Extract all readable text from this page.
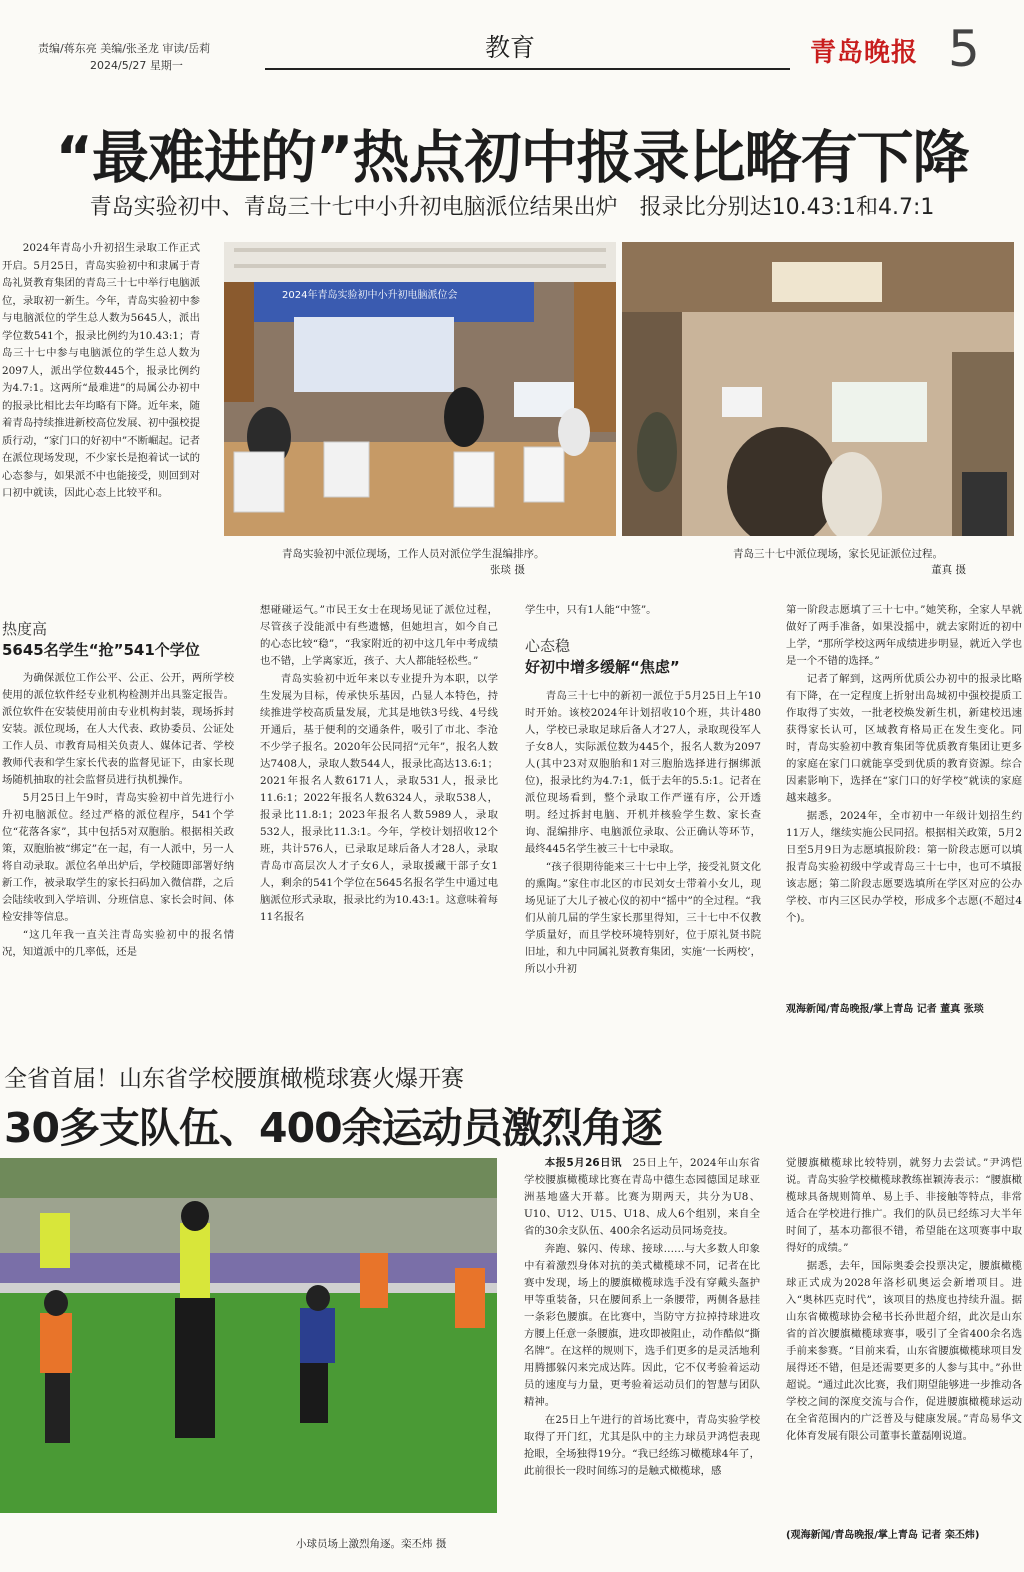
责编/蒋东亮 美编/张圣龙 审读/岳莉
2024/5/27 星期一
教育	青岛晚报 5
“最难进的”热点初中报录比略有下降
青岛实验初中、青岛三十七中小升初电脑派位结果出炉　报录比分别达10.43:1和4.7:1

2024年青岛小升初招生录取工作正式开启。5月25日，青岛实验初中和隶属于青岛礼贤教育集团的青岛三十七中举行电脑派位，录取初一新生。今年，青岛实验初中参与电脑派位的学生总人数为5645人，派出学位数541个，报录比例约为10.43:1；青岛三十七中参与电脑派位的学生总人数为2097人，派出学位数445个，报录比例约为4.7:1。这两所“最难进”的局属公办初中的报录比相比去年均略有下降。近年来，随着青岛持续推进新校高位发展、初中强校提质行动，“家门口的好初中”不断崛起。记者在派位现场发现，不少家长是抱着试一试的心态参与，如果派不中也能接受，则回到对口初中就读，因此心态上比较平和。

2024年青岛实验初中小升初电脑派位会
青岛实验初中派位现场，工作人员对派位学生混编排序。
张琰 摄
青岛三十七中派位现场，家长见证派位过程。
董真 摄
热度高
5645名学生“抢”541个学位

为确保派位工作公平、公正、公开，两所学校使用的派位软件经专业机构检测并出具鉴定报告。派位软件在安装使用前由专业机构封装，现场拆封安装。派位现场，在人大代表、政协委员、公证处工作人员、市教育局相关负责人、媒体记者、学校教师代表和学生家长代表的监督见证下，由家长现场随机抽取的社会监督员进行执机操作。

5月25日上午9时，青岛实验初中首先进行小升初电脑派位。经过严格的派位程序，541个学位“花落各家”，其中包括5对双胞胎。根据相关政策，双胞胎被“绑定”在一起，有一人派中，另一人将自动录取。派位名单出炉后，学校随即部署好纳新工作，被录取学生的家长扫码加入微信群，之后会陆续收到入学培训、分班信息、家长会时间、体检安排等信息。

“这几年我一直关注青岛实验初中的报名情况，知道派中的几率低，还是

想碰碰运气。”市民王女士在现场见证了派位过程，尽管孩子没能派中有些遗憾，但她坦言，如今自己的心态比较“稳”，“我家附近的初中这几年中考成绩也不错，上学离家近，孩子、大人都能轻松些。”

青岛实验初中近年来以专业提升为本职，以学生发展为目标，传承快乐基因，凸显人本特色，持续推进学校高质量发展，尤其是地铁3号线、4号线开通后，基于便利的交通条件，吸引了市北、李沧不少学子报名。2020年公民同招“元年”，报名人数达7408人，录取人数544人，报录比高达13.6:1；2021年报名人数6171人，录取531人，报录比11.6:1；2022年报名人数6324人，录取538人，报录比11.8:1；2023年报名人数5989人，录取532人，报录比11.3:1。今年，学校计划招收12个班，共计576人，已录取足球后备人才28人，录取青岛市高层次人才子女6人，录取援藏干部子女1人，剩余的541个学位在5645名报名学生中通过电脑派位形式录取，报录比约为10.43:1。这意味着每11名报名

学生中，只有1人能“中签”。

心态稳
好初中增多缓解“焦虑”

青岛三十七中的新初一派位于5月25日上午10时开始。该校2024年计划招收10个班，共计480人，学校已录取足球后备人才27人，录取现役军人子女8人，实际派位数为445个，报名人数为2097人(其中23对双胞胎和1对三胞胎选择进行捆绑派位)，报录比约为4.7:1，低于去年的5.5:1。记者在派位现场看到，整个录取工作严谨有序，公开透明。经过拆封电脑、开机并核验学生数、家长查询、混编排序、电脑派位录取、公正确认等环节，最终445名学生被三十七中录取。

“孩子很期待能来三十七中上学，接受礼贤文化的熏陶。”家住市北区的市民刘女士带着小女儿，现场见证了大儿子被心仪的初中“摇中”的全过程。“我们从前几届的学生家长那里得知，三十七中不仅教学质量好，而且学校环境特别好，位于原礼贤书院旧址，和九中同属礼贤教育集团，实施‘一长两校’，所以小升初

第一阶段志愿填了三十七中。”她笑称，全家人早就做好了两手准备，如果没摇中，就去家附近的初中上学，“那所学校这两年成绩进步明显，就近入学也是一个不错的选择。”

记者了解到，这两所优质公办初中的报录比略有下降，在一定程度上折射出岛城初中强校提质工作取得了实效，一批老校焕发新生机，新建校迅速获得家长认可，区域教育格局正在发生变化。同时，青岛实验初中教育集团等优质教育集团让更多的家庭在家门口就能享受到优质的教育资源。综合因素影响下，选择在“家门口的好学校”就读的家庭越来越多。

据悉，2024年，全市初中一年级计划招生约11万人，继续实施公民同招。根据相关政策，5月2日至5月9日为志愿填报阶段：第一阶段志愿可以填报青岛实验初级中学或青岛三十七中，也可不填报该志愿；第二阶段志愿要选填所在学区对应的公办学校、市内三区民办学校，形成多个志愿(不超过4个)。

观海新闻/青岛晚报/掌上青岛 记者 董真 张琰
全省首届！山东省学校腰旗橄榄球赛火爆开赛
30多支队伍、400余运动员激烈角逐
小球员场上激烈角逐。栾丕炜 摄

本报5月26日讯　 25日上午，2024年山东省学校腰旗橄榄球比赛在青岛中德生态园德国足球亚洲基地盛大开幕。比赛为期两天，共分为U8、U10、U12、U15、U18、成人6个组别，来自全省的30余支队伍、400余名运动员同场竞技。

奔跑、躲闪、传球、接球……与大多数人印象中有着激烈身体对抗的美式橄榄球不同，记者在比赛中发现，场上的腰旗橄榄球选手没有穿戴头盔护甲等重装备，只在腰间系上一条腰带，两侧各悬挂一条彩色腰旗。在比赛中，当防守方拉掉持球进攻方腰上任意一条腰旗，进攻即被阻止，动作酷似“撕名牌”。在这样的规则下，选手们更多的是灵活地利用腾挪躲闪来完成达阵。因此，它不仅考验着运动员的速度与力量，更考验着运动员们的智慧与团队精神。

在25日上午进行的首场比赛中，青岛实验学校取得了开门红，尤其是队中的主力球员尹鸿恺表现抢眼，全场独得19分。“我已经练习橄榄球4年了，此前很长一段时间练习的是触式橄榄球，感

觉腰旗橄榄球比较特别，就努力去尝试。”尹鸿恺说。青岛实验学校橄榄球教练崔颖涛表示：“腰旗橄榄球具备规则简单、易上手、非接触等特点，非常适合在学校进行推广。我们的队员已经练习大半年时间了，基本功都很不错，希望能在这项赛事中取得好的成绩。”

据悉，去年，国际奥委会投票决定，腰旗橄榄球正式成为2028年洛杉矶奥运会新增项目。进入“奥林匹克时代”，该项目的热度也持续升温。据山东省橄榄球协会秘书长孙世超介绍，此次是山东省的首次腰旗橄榄球赛事，吸引了全省400余名选手前来参赛。“目前来看，山东省腰旗橄榄球项目发展得还不错，但是还需要更多的人参与其中。”孙世超说。“通过此次比赛，我们期望能够进一步推动各学校之间的深度交流与合作，促进腰旗橄榄球运动在全省范围内的广泛普及与健康发展。”青岛易华文化体育发展有限公司董事长董磊刚说道。

(观海新闻/青岛晚报/掌上青岛 记者 栾丕炜)
